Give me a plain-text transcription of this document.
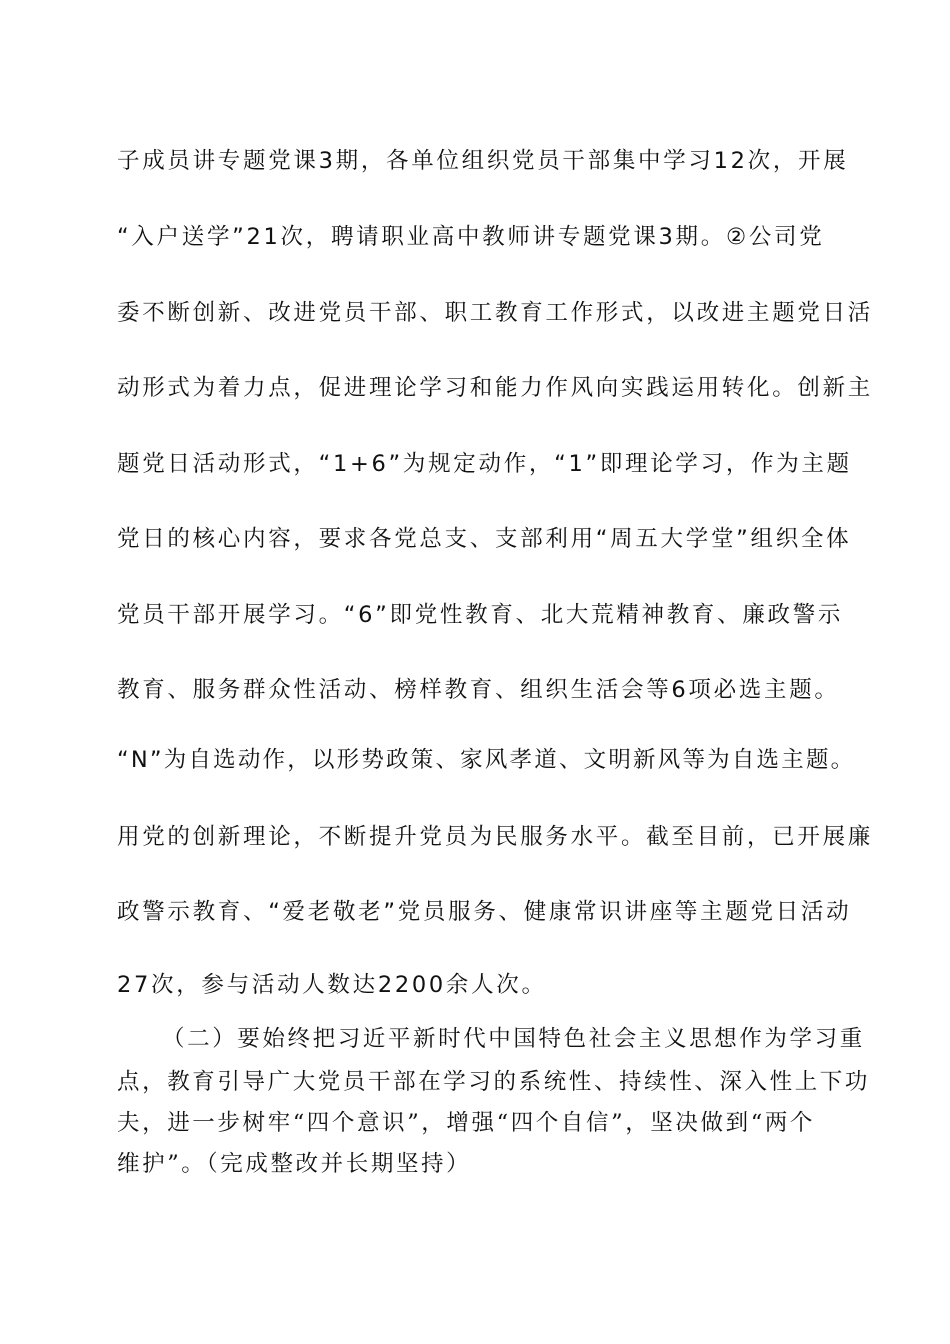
子成员讲专题党课3期，各单位组织党员干部集中学习12次，开展
“入户送学”21次，聘请职业高中教师讲专题党课3期。②公司党
委不断创新、改进党员干部、职工教育工作形式，以改进主题党日活
动形式为着力点，促进理论学习和能力作风向实践运用转化。创新主
题党日活动形式，“1+6”为规定动作，“1”即理论学习，作为主题
党日的核心内容，要求各党总支、支部利用“周五大学堂”组织全体
党员干部开展学习。“6”即党性教育、北大荒精神教育、廉政警示
教育、服务群众性活动、榜样教育、组织生活会等6项必选主题。
“N”为自选动作，以形势政策、家风孝道、文明新风等为自选主题。
用党的创新理论，不断提升党员为民服务水平。截至目前，已开展廉
政警示教育、“爱老敬老”党员服务、健康常识讲座等主题党日活动
27次，参与活动人数达2200余人次。
（二）要始终把习近平新时代中国特色社会主义思想作为学习重
点，教育引导广大党员干部在学习的系统性、持续性、深入性上下功
夫，进一步树牢“四个意识”，增强“四个自信”，坚决做到“两个
维护”。（完成整改并长期坚持）
